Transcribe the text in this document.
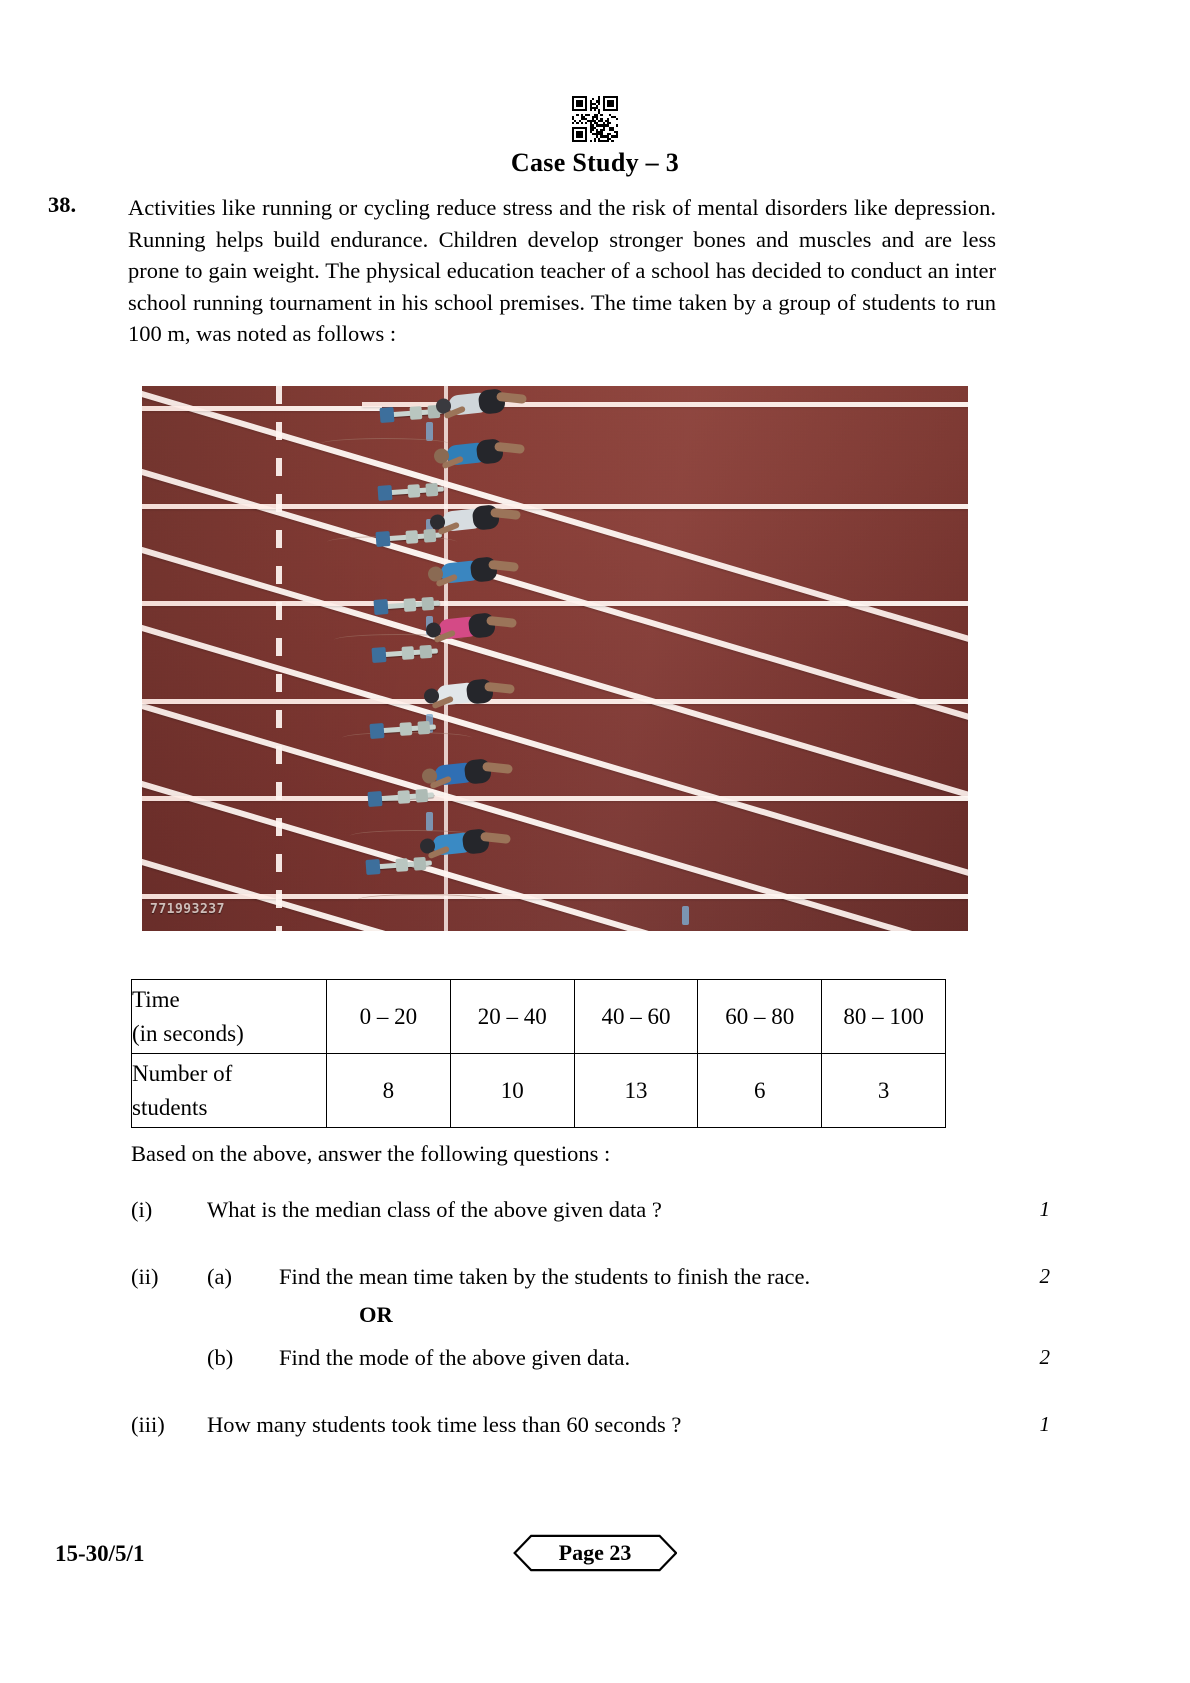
Case Study – 3
38.	Activities like running or cycling reduce stress and the risk of mental disorders like depression. Running helps build endurance. Children develop stronger bones and muscles and are less prone to gain weight. The physical education teacher of a school has decided to conduct an inter school running tournament in his school premises. The time taken by a group of students to run 100 m, was noted as follows :
771993237
Time
(in seconds)	0 – 20	20 – 40	40 – 60	60 – 80	80 – 100

Number of
students	8	10	13	6	3
Based on the above, answer the following questions :
(i)	What is the median class of the above given data ?	1
(ii)	(a)	Find the mean time taken by the students to finish the race.	2
OR
(b)	Find the mode of the above given data.	2
(iii)	How many students took time less than 60 seconds ?	1
15-30/5/1	Page 23
